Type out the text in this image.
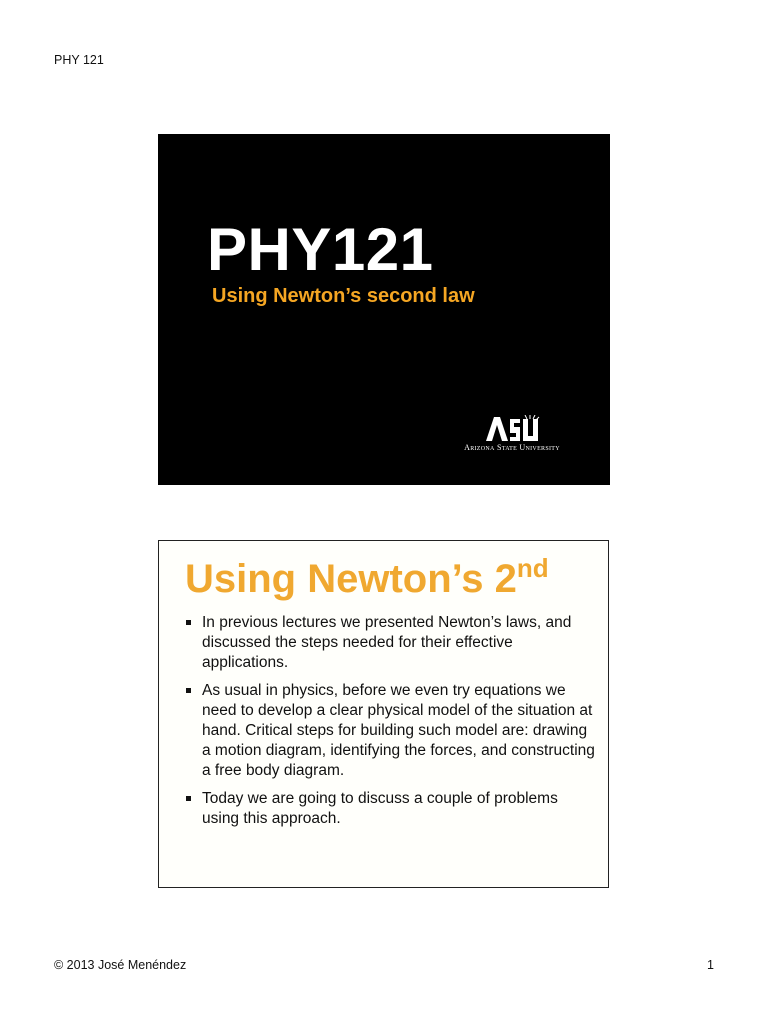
PHY 121
PHY121
Using Newton’s second law
ARIZONA STATE UNIVERSITY
Using Newton’s 2nd
In previous lectures we presented Newton’s laws, and discussed the steps needed for their effective applications.
As usual in physics, before we even try equations we need to develop a clear physical model of the situation at hand. Critical steps for building such model are: drawing a motion diagram, identifying the forces, and constructing a free body diagram.
Today we are going to discuss a couple of problems using this approach.
© 2013 José Menéndez	1
